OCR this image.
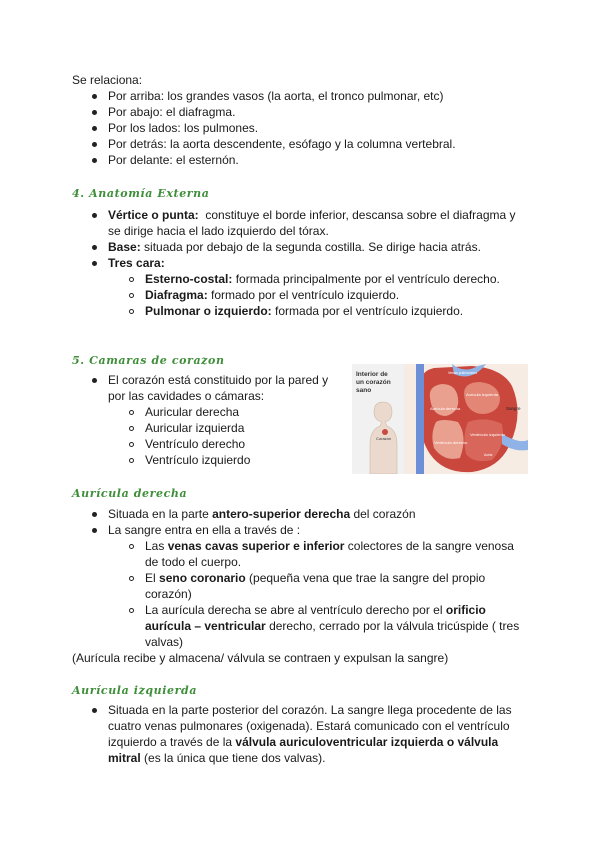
Se relaciona:
Por arriba: los grandes vasos (la aorta, el tronco pulmonar, etc)
Por abajo: el diafragma.
Por los lados: los pulmones.
Por detrás: la aorta descendente, esófago y la columna vertebral.
Por delante: el esternón.
4. Anatomía Externa
Vértice o punta: constituye el borde inferior, descansa sobre el diafragma y
se dirige hacia el lado izquierdo del tórax.
Base: situada por debajo de la segunda costilla. Se dirige hacia atrás.
Tres cara:
Esterno-costal: formada principalmente por el ventrículo derecho.
Diafragma: formado por el ventrículo izquierdo.
Pulmonar o izquierdo: formada por el ventrículo izquierdo.
5. Camaras de corazon
El corazón está constituido por la pared y
por las cavidades o cámaras:
Auricular derecha
Auricular izquierda
Ventrículo derecho
Ventrículo izquierdo
Interior de
un corazón
sano
Corazón
Aurícula derecha
Aurícula izquierda
Ventrículo derecho
Ventrículo izquierdo
Sangre
Venas pulmonares
Aorta
Aurícula derecha
Situada en la parte antero-superior derecha del corazón
La sangre entra en ella a través de :
Las venas cavas superior e inferior colectores de la sangre venosa
de todo el cuerpo.
El seno coronario (pequeña vena que trae la sangre del propio
corazón)
La aurícula derecha se abre al ventrículo derecho por el orificio
aurícula – ventricular derecho, cerrado por la válvula tricúspide ( tres
valvas)
(Aurícula recibe y almacena/ válvula se contraen y expulsan la sangre)
Aurícula izquierda
Situada en la parte posterior del corazón. La sangre llega procedente de las
cuatro venas pulmonares (oxigenada). Estará comunicado con el ventrículo
izquierdo a través de la válvula auriculoventricular izquierda o válvula
mitral (es la única que tiene dos valvas).
